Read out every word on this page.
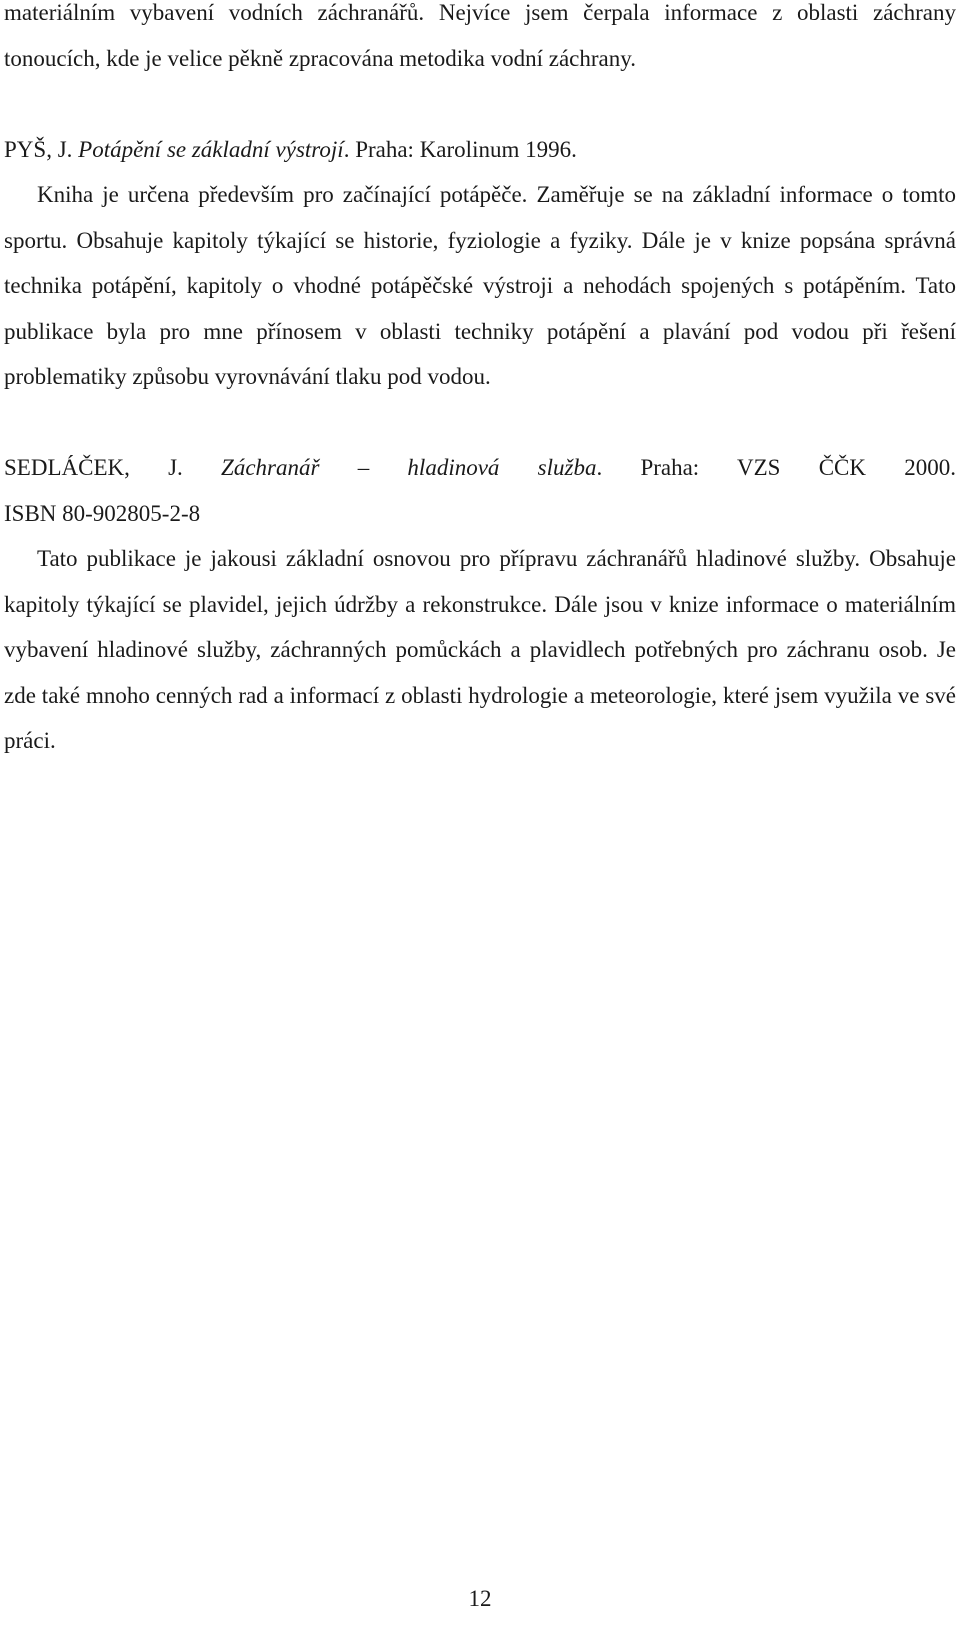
materiálním vybavení vodních záchranářů. Nejvíce jsem čerpala informace z oblasti záchrany tonoucích, kde je velice pěkně zpracována metodika vodní záchrany.

PYŠ, J. Potápění se základní výstrojí. Praha: Karolinum 1996.

Kniha je určena především pro začínající potápěče. Zaměřuje se na základní informace o tomto sportu. Obsahuje kapitoly týkající se historie, fyziologie a fyziky. Dále je v knize popsána správná technika potápění, kapitoly o vhodné potápěčské výstroji a nehodách spojených s potápěním. Tato publikace byla pro mne přínosem v oblasti techniky potápění a plavání pod vodou při řešení problematiky způsobu vyrovnávání tlaku pod vodou.

SEDLÁČEK, J. Záchranář – hladinová služba. Praha: VZS ČČK 2000.

ISBN 80-902805-2-8

Tato publikace je jakousi základní osnovou pro přípravu záchranářů hladinové služby. Obsahuje kapitoly týkající se plavidel, jejich údržby a rekonstrukce. Dále jsou v knize informace o materiálním vybavení hladinové služby, záchranných pomůckách a plavidlech potřebných pro záchranu osob. Je zde také mnoho cenných rad a informací z oblasti hydrologie a meteorologie, které jsem využila ve své práci.

12
